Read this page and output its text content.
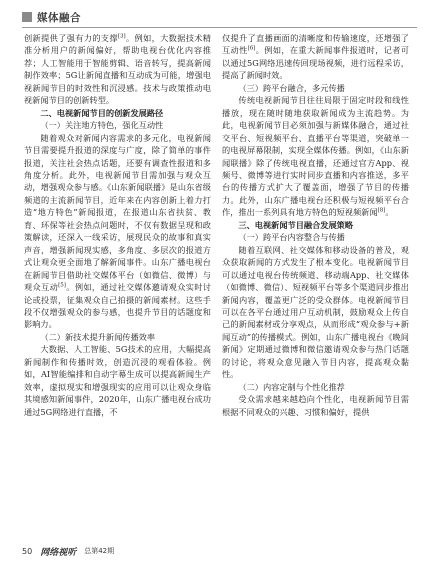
媒体融合

创新提供了强有力的支撑[3]。例如，大数据技术精准分析用户的新闻偏好，帮助电视台优化内容推荐；人工智能用于智能剪辑、语音转写，提高新闻制作效率；5G让新闻直播和互动成为可能，增强电视新闻节目的时效性和沉浸感。技术与政策推动电视新闻节目的创新转型。

二、电视新闻节目的创新发展路径

（一）关注地方特色，强化互动性

随着观众对新闻内容需求的多元化，电视新闻节目需要提升报道的深度与广度，除了简单的事件报道，关注社会热点话题，还要有调查性报道和多角度分析。此外，电视新闻节目需加强与观众互动，增强观众参与感。《山东新闻联播》是山东省级频道的主流新闻节目，近年来在内容创新上着力打造“地方特色”新闻报道，在报道山东省扶贫、教育、环保等社会热点问题时，不仅有数据呈现和政策解读，还深入一线采访，展现民众的故事和真实声音，增强新闻现实感，多角度、多层次的报道方式让观众更全面地了解新闻事件。山东广播电视台在新闻节目借助社交媒体平台（如微信、微博）与观众互动[5]。例如，通过社交媒体邀请观众实时讨论或投票，征集观众自己拍摄的新闻素材。这些手段不仅增强观众的参与感，也提升节目的话题度和影响力。

（二）新技术提升新闻传播效率

大数据、人工智能、5G技术的应用，大幅提高新闻制作和传播时效，创造沉浸的观看体验。例如，AI智能编排和自动字幕生成可以提高新闻生产效率，虚拟现实和增强现实的应用可以让观众身临其境感知新闻事件，2020年，山东广播电视台成功通过5G网络进行直播，不

仅提升了直播画面的清晰度和传输速度，还增强了互动性[6]。例如，在重大新闻事件报道时，记者可以通过5G网络迅速传回现场视频，进行远程采访，提高了新闻时效。

（三）跨平台融合，多元传播

传统电视新闻节目往往局限于固定时段和线性播放，现在随时随地获取新闻成为主流趋势。为此，电视新闻节目必须加强与新媒体融合，通过社交平台、短视频平台、直播平台等渠道，突破单一的电视屏幕限制，实现全媒体传播。例如，《山东新闻联播》除了传统电视直播，还通过官方App、视频号、微博等进行实时同步直播和内容推送，多平台的传播方式扩大了覆盖面，增强了节目的传播力。此外，山东广播电视台还积极与短视频平台合作，推出一系列具有地方特色的短视频新闻[8]。

三、电视新闻节目融合发展策略

（一）跨平台内容整合与传播

随着互联网、社交媒体和移动设备的普及，观众获取新闻的方式发生了根本变化。电视新闻节目可以通过电视台传统频道、移动端App、社交媒体（如微博、微信）、短视频平台等多个渠道同步推出新闻内容，覆盖更广泛的受众群体。电视新闻节目可以在各平台通过用户互动机制，鼓励观众上传自己的新闻素材或分享观点，从而形成“观众参与+新闻互动”的传播模式。例如，山东广播电视台《晚间新闻》定期通过微博和微信邀请观众参与热门话题的讨论，将观众意见融入节目内容，提高观众黏性。

（二）内容定制与个性化推荐

受众需求越来越趋向个性化，电视新闻节目需根据不同观众的兴趣、习惯和偏好，提供

50 网络视听 总第42期
